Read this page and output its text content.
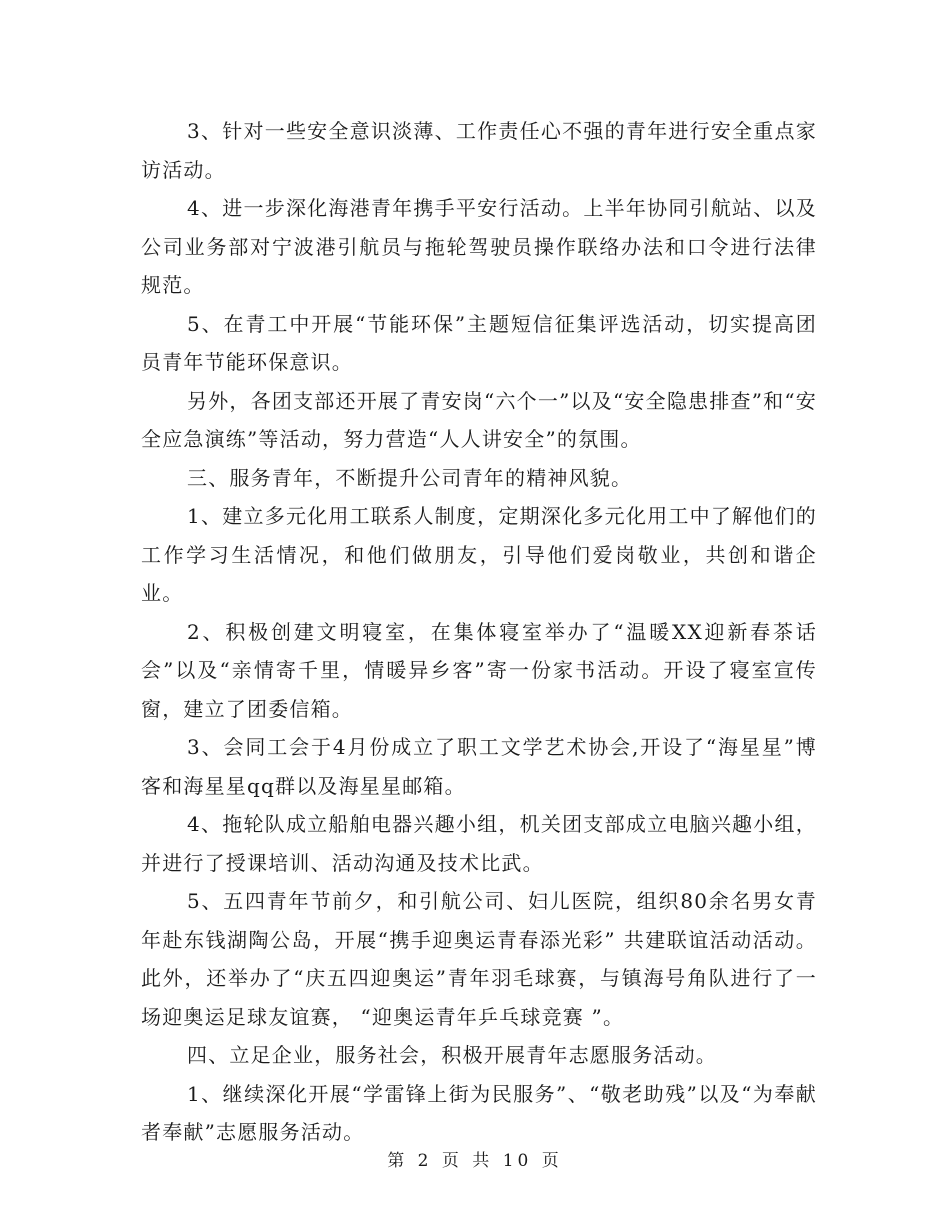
3、针对一些安全意识淡薄、工作责任心不强的青年进行安全重点家访活动。

4、进一步深化海港青年携手平安行活动。上半年协同引航站、以及公司业务部对宁波港引航员与拖轮驾驶员操作联络办法和口令进行法律规范。

5、在青工中开展“节能环保”主题短信征集评选活动，切实提高团员青年节能环保意识。

另外，各团支部还开展了青安岗“六个一”以及“安全隐患排查”和“安全应急演练”等活动，努力营造“人人讲安全”的氛围。

三、服务青年，不断提升公司青年的精神风貌。

1、建立多元化用工联系人制度，定期深化多元化用工中了解他们的工作学习生活情况，和他们做朋友，引导他们爱岗敬业，共创和谐企业。

2、积极创建文明寝室，在集体寝室举办了“温暖XX迎新春茶话会”以及“亲情寄千里，情暖异乡客”寄一份家书活动。开设了寝室宣传窗，建立了团委信箱。

3、会同工会于4月份成立了职工文学艺术协会,开设了“海星星”博客和海星星qq群以及海星星邮箱。

4、拖轮队成立船舶电器兴趣小组，机关团支部成立电脑兴趣小组，并进行了授课培训、活动沟通及技术比武。

5、五四青年节前夕，和引航公司、妇儿医院，组织80余名男女青年赴东钱湖陶公岛，开展“携手迎奥运青春添光彩” 共建联谊活动活动。此外，还举办了“庆五四迎奥运”青年羽毛球赛，与镇海号角队进行了一场迎奥运足球友谊赛， “迎奥运青年乒乓球竞赛 ”。

四、立足企业，服务社会，积极开展青年志愿服务活动。

1、继续深化开展“学雷锋上街为民服务”、“敬老助残”以及“为奉献者奉献”志愿服务活动。

第 2 页 共 10 页
